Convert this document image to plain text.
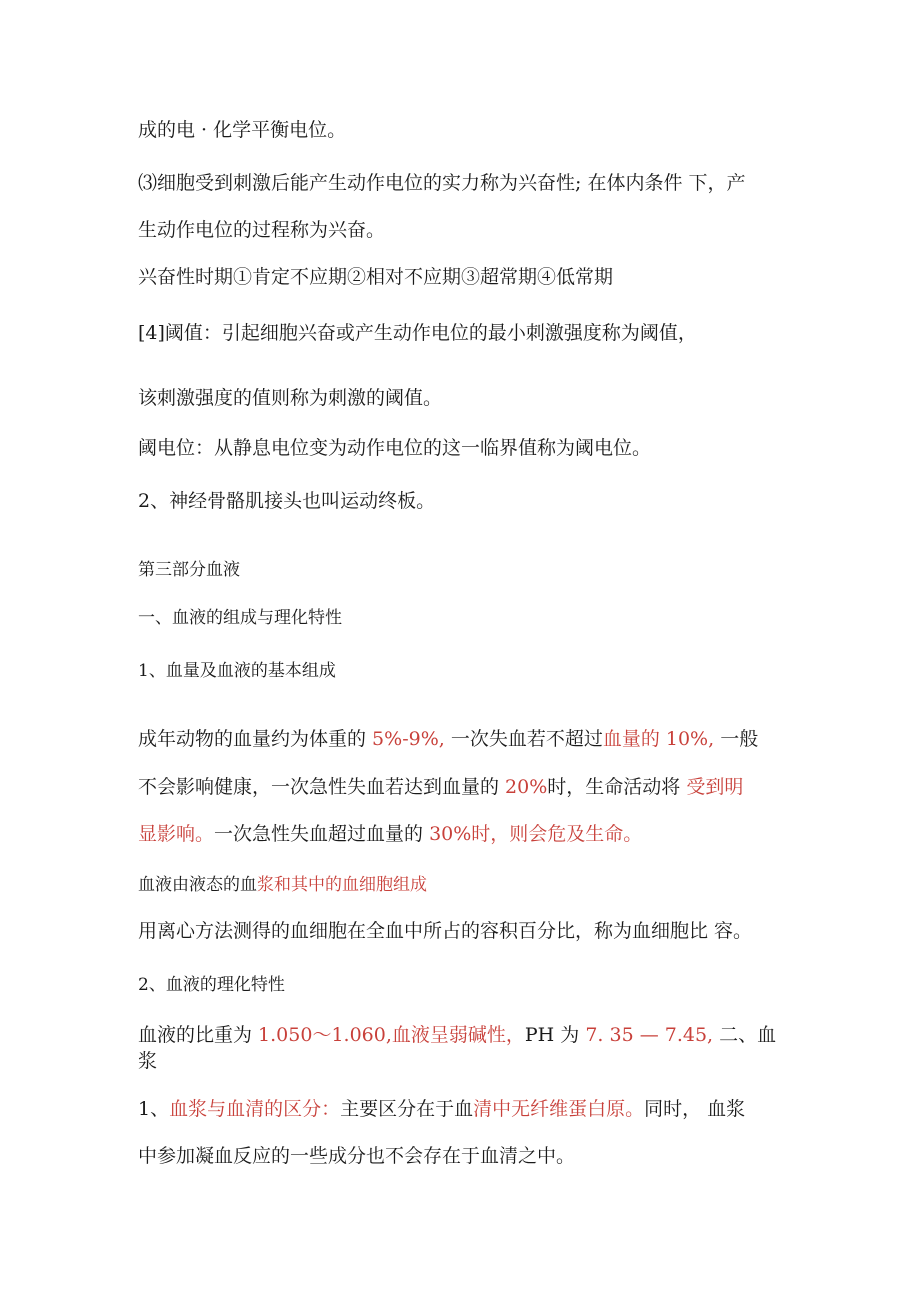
成的电 · 化学平衡电位。

⑶细胞受到刺激后能产生动作电位的实力称为兴奋性; 在体内条件 下，产

生动作电位的过程称为兴奋。

兴奋性时期①肯定不应期②相对不应期③超常期④低常期

[4]阈值：引起细胞兴奋或产生动作电位的最小刺激强度称为阈值，

该刺激强度的值则称为刺激的阈值。

阈电位：从静息电位变为动作电位的这一临界值称为阈电位。

2、神经骨骼肌接头也叫运动终板。

第三部分血液

一、血液的组成与理化特性

1、血量及血液的基本组成

成年动物的血量约为体重的 5%-9%, 一次失血若不超过血量的 10%, 一般

不会影响健康，一次急性失血若达到血量的 20%时，生命活动将 受到明

显影响。一次急性失血超过血量的 30%时，则会危及生命。

血液由液态的血浆和其中的血细胞组成

用离心方法测得的血细胞在全血中所占的容积百分比，称为血细胞比 容。

2、血液的理化特性

血液的比重为 1.050～1.060,血液呈弱碱性，PH 为 7. 35 — 7.45, 二、血浆

1、血浆与血清的区分：主要区分在于血清中无纤维蛋白原。同时， 血浆

中参加凝血反应的一些成分也不会存在于血清之中。
